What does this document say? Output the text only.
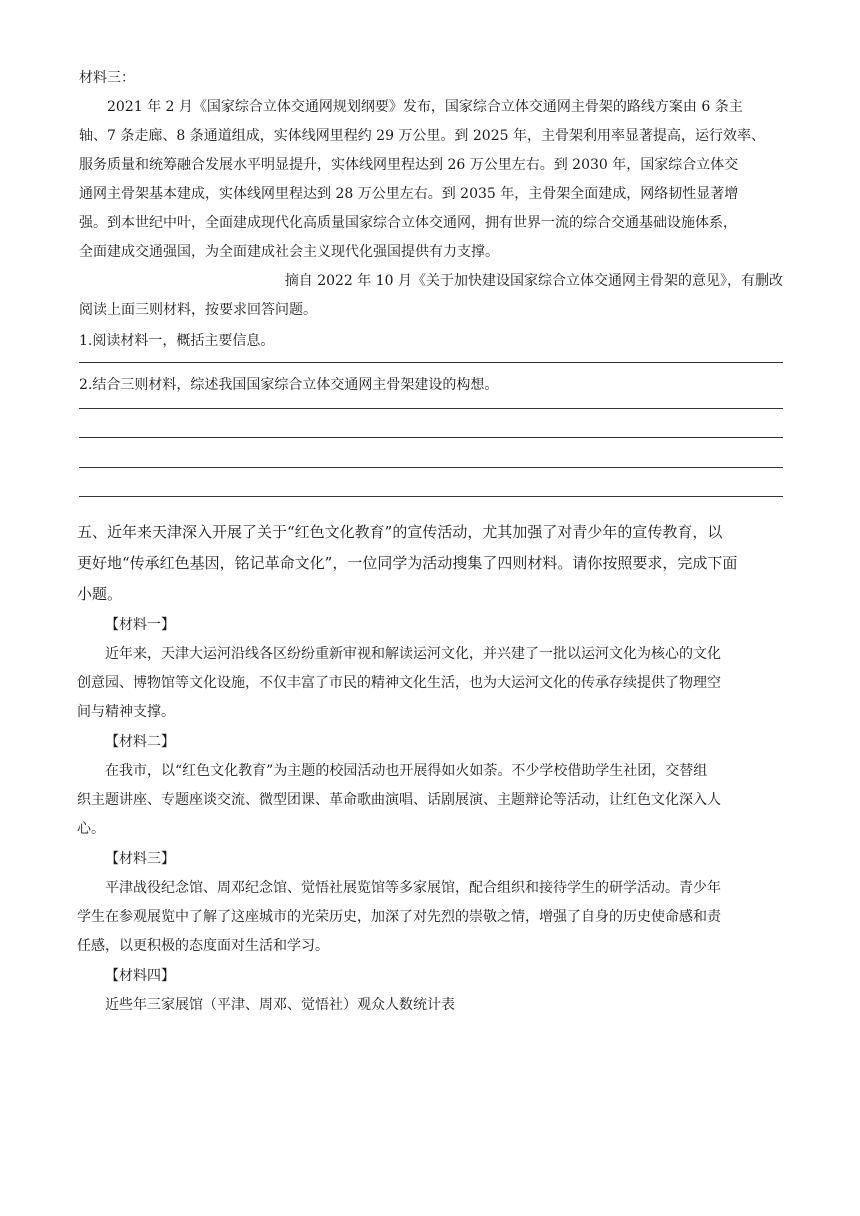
材料三：

2021 年 2 月《国家综合立体交通网规划纲要》发布，国家综合立体交通网主骨架的路线方案由 6 条主

轴、7 条走廊、8 条通道组成，实体线网里程约 29 万公里。到 2025 年，主骨架利用率显著提高，运行效率、

服务质量和统筹融合发展水平明显提升，实体线网里程达到 26 万公里左右。到 2030 年，国家综合立体交

通网主骨架基本建成，实体线网里程达到 28 万公里左右。到 2035 年，主骨架全面建成，网络韧性显著增

强。到本世纪中叶，全面建成现代化高质量国家综合立体交通网，拥有世界一流的综合交通基础设施体系，

全面建成交通强国，为全面建成社会主义现代化强国提供有力支撑。

摘自 2022 年 10 月《关于加快建设国家综合立体交通网主骨架的意见》，有删改

阅读上面三则材料，按要求回答问题。

1.阅读材料一，概括主要信息。

2.结合三则材料，综述我国国家综合立体交通网主骨架建设的构想。

五、近年来天津深入开展了关于“红色文化教育”的宣传活动，尤其加强了对青少年的宣传教育，以

更好地“传承红色基因，铭记革命文化”，一位同学为活动搜集了四则材料。请你按照要求，完成下面

小题。

【材料一】

近年来，天津大运河沿线各区纷纷重新审视和解读运河文化，并兴建了一批以运河文化为核心的文化

创意园、博物馆等文化设施，不仅丰富了市民的精神文化生活，也为大运河文化的传承存续提供了物理空

间与精神支撑。

【材料二】

在我市，以“红色文化教育”为主题的校园活动也开展得如火如荼。不少学校借助学生社团，交替组

织主题讲座、专题座谈交流、微型团课、革命歌曲演唱、话剧展演、主题辩论等活动，让红色文化深入人

心。

【材料三】

平津战役纪念馆、周邓纪念馆、觉悟社展览馆等多家展馆，配合组织和接待学生的研学活动。青少年

学生在参观展览中了解了这座城市的光荣历史，加深了对先烈的崇敬之情，增强了自身的历史使命感和责

任感，以更积极的态度面对生活和学习。

【材料四】

近些年三家展馆（平津、周邓、觉悟社）观众人数统计表
